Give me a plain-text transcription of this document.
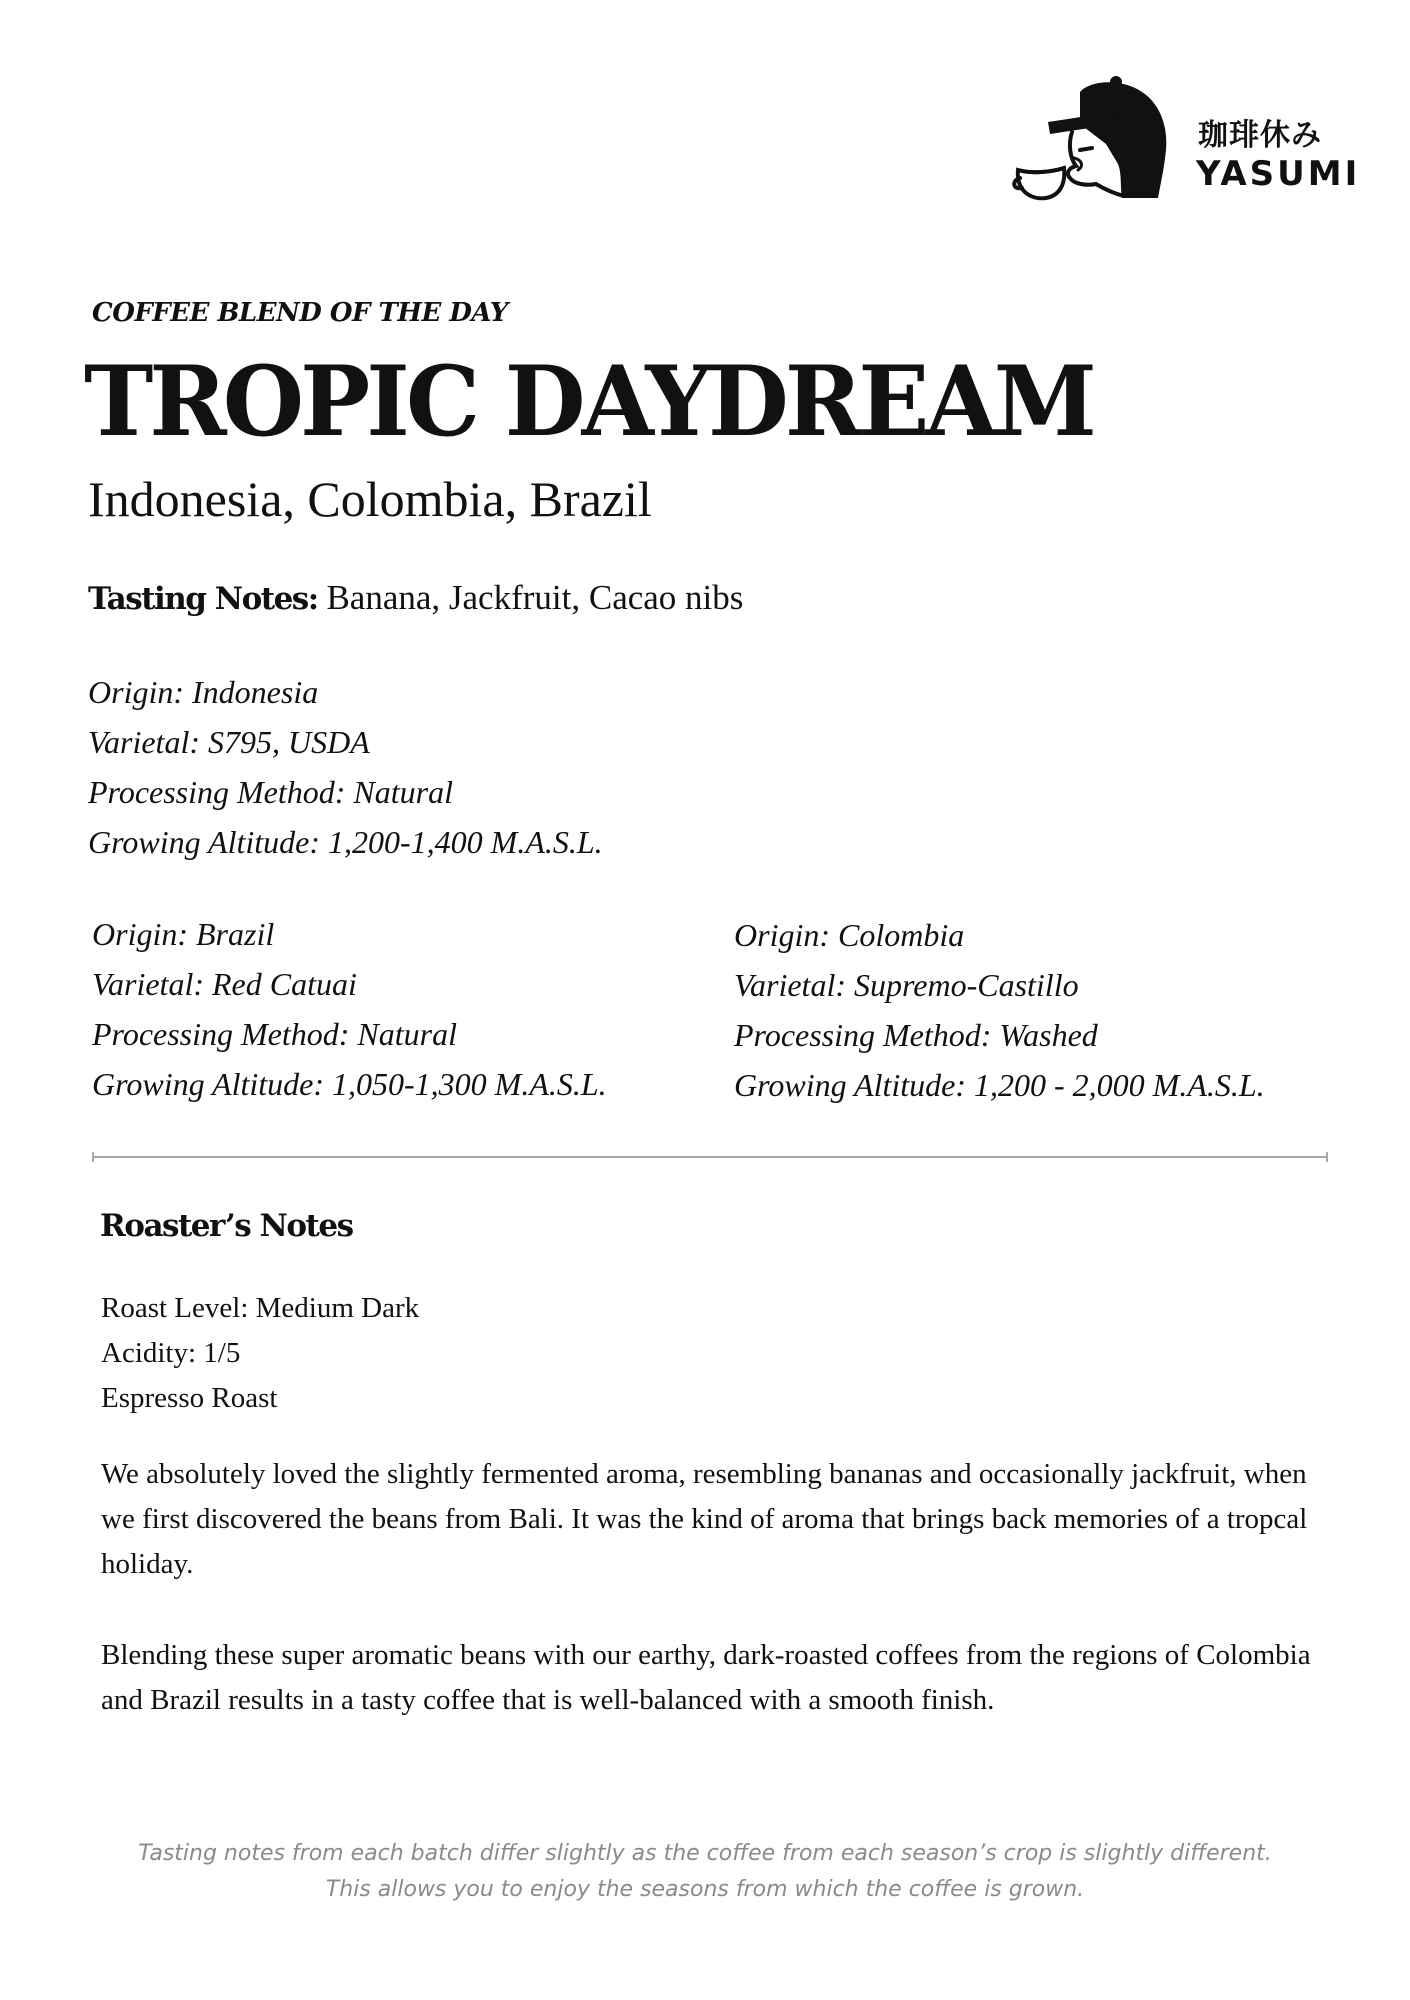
珈琲休み
YASUMI
COFFEE BLEND OF THE DAY
TROPIC DAYDREAM
Indonesia, Colombia, Brazil
Tasting Notes: Banana, Jackfruit, Cacao nibs
Origin: Indonesia
Varietal: S795, USDA
Processing Method: Natural
Growing Altitude: 1,200-1,400 M.A.S.L.
Origin: Brazil
Varietal: Red Catuai
Processing Method: Natural
Growing Altitude: 1,050-1,300 M.A.S.L.
Origin: Colombia
Varietal: Supremo-Castillo
Processing Method: Washed
Growing Altitude: 1,200 - 2,000 M.A.S.L.
Roaster’s Notes
Roast Level: Medium Dark
Acidity: 1/5
Espresso Roast

We absolutely loved the slightly fermented aroma, resembling bananas and occasionally jackfruit, when we first discovered the beans from Bali. It was the kind of aroma that brings back memories of a tropcal holiday.

Blending these super aromatic beans with our earthy, dark-roasted coffees from the regions of Colombia and Brazil results in a tasty coffee that is well-balanced with a smooth finish.

Tasting notes from each batch differ slightly as the coffee from each season’s crop is slightly different.
This allows you to enjoy the seasons from which the coffee is grown.
